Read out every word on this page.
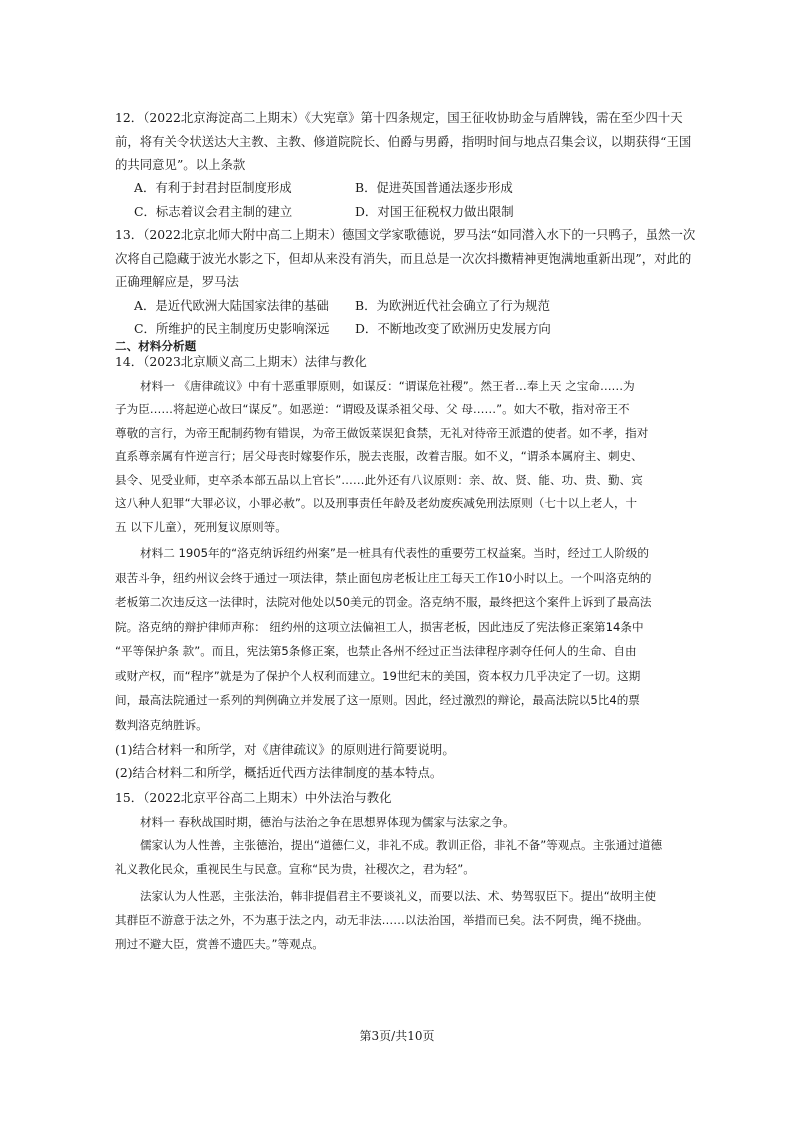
12．（2022北京海淀高二上期末）《大宪章》第十四条规定，国王征收协助金与盾牌钱，需在至少四十天
前，将有关令状送达大主教、主教、修道院院长、伯爵与男爵，指明时间与地点召集会议，以期获得“王国
的共同意见”。以上条款
A．有利于封君封臣制度形成	B．促进英国普通法逐步形成
C．标志着议会君主制的建立	D．对国王征税权力做出限制
13．（2022北京北师大附中高二上期末）德国文学家歌德说，罗马法“如同潜入水下的一只鸭子，虽然一次
次将自己隐藏于波光水影之下，但却从来没有消失，而且总是一次次抖擞精神更饱满地重新出现”，对此的
正确理解应是，罗马法
A．是近代欧洲大陆国家法律的基础 B．为欧洲近代社会确立了行为规范
C．所维护的民主制度历史影响深远 D．不断地改变了欧洲历史发展方向
二、材料分析题
14．（2023北京顺义高二上期末）法律与教化
材料一 《唐律疏议》中有十恶重罪原则，如谋反：“谓谋危社稷”。然王者…奉上天 之宝命……为
子为臣……将起逆心故曰“谋反”。如恶逆：“谓殴及谋杀祖父母、父 母……”。如大不敬，指对帝王不
尊敬的言行，为帝王配制药物有错误，为帝王做饭菜误犯食禁，无礼对待帝王派遣的使者。如不孝，指对
直系尊亲属有忤逆言行；居父母丧时嫁娶作乐，脱去丧服，改着吉服。如不义，“谓杀本属府主、刺史、
县令、见受业师，吏卒杀本部五品以上官长”……此外还有八议原则：亲、故、贤、能、功、贵、勤、宾
这八种人犯罪“大罪必议，小罪必赦”。以及刑事责任年龄及老幼废疾减免刑法原则（七十以上老人，十
五 以下儿童），死刑复议原则等。
材料二 1905年的“洛克纳诉纽约州案”是一桩具有代表性的重要劳工权益案。当时，经过工人阶级的
艰苦斗争，纽约州议会终于通过一项法律，禁止面包房老板让庄工每天工作10小时以上。一个叫洛克纳的
老板第二次违反这一法律时，法院对他处以50美元的罚金。洛克纳不服，最终把这个案件上诉到了最高法
院。洛克纳的辩护律师声称： 纽约州的这项立法偏袒工人，损害老板，因此违反了宪法修正案第14条中
“平等保护条 款”。而且，宪法第5条修正案，也禁止各州不经过正当法律程序剥夺任何人的生命、自由
或财产权，而“程序”就是为了保护个人权利而建立。19世纪末的美国，资本权力几乎决定了一切。这期
间，最高法院通过一系列的判例确立并发展了这一原则。因此，经过激烈的辩论，最高法院以5比4的票
数判洛克纳胜诉。
(1)结合材料一和所学，对《唐律疏议》的原则进行简要说明。
(2)结合材料二和所学，概括近代西方法律制度的基本特点。
15．（2022北京平谷高二上期末）中外法治与教化
材料一 春秋战国时期，德治与法治之争在思想界体现为儒家与法家之争。
儒家认为人性善，主张德治，提出“道德仁义，非礼不成。教训正俗，非礼不备”等观点。主张通过道德
礼义教化民众，重视民生与民意。宣称“民为贵，社稷次之，君为轻”。
法家认为人性恶，主张法治，韩非提倡君主不要谈礼义，而要以法、术、势驾驭臣下。提出“故明主使
其群臣不游意于法之外，不为惠于法之内，动无非法……以法治国，举措而已矣。法不阿贵，绳不挠曲。
刑过不避大臣，赏善不遗匹夫。”等观点。
第3页/共10页
